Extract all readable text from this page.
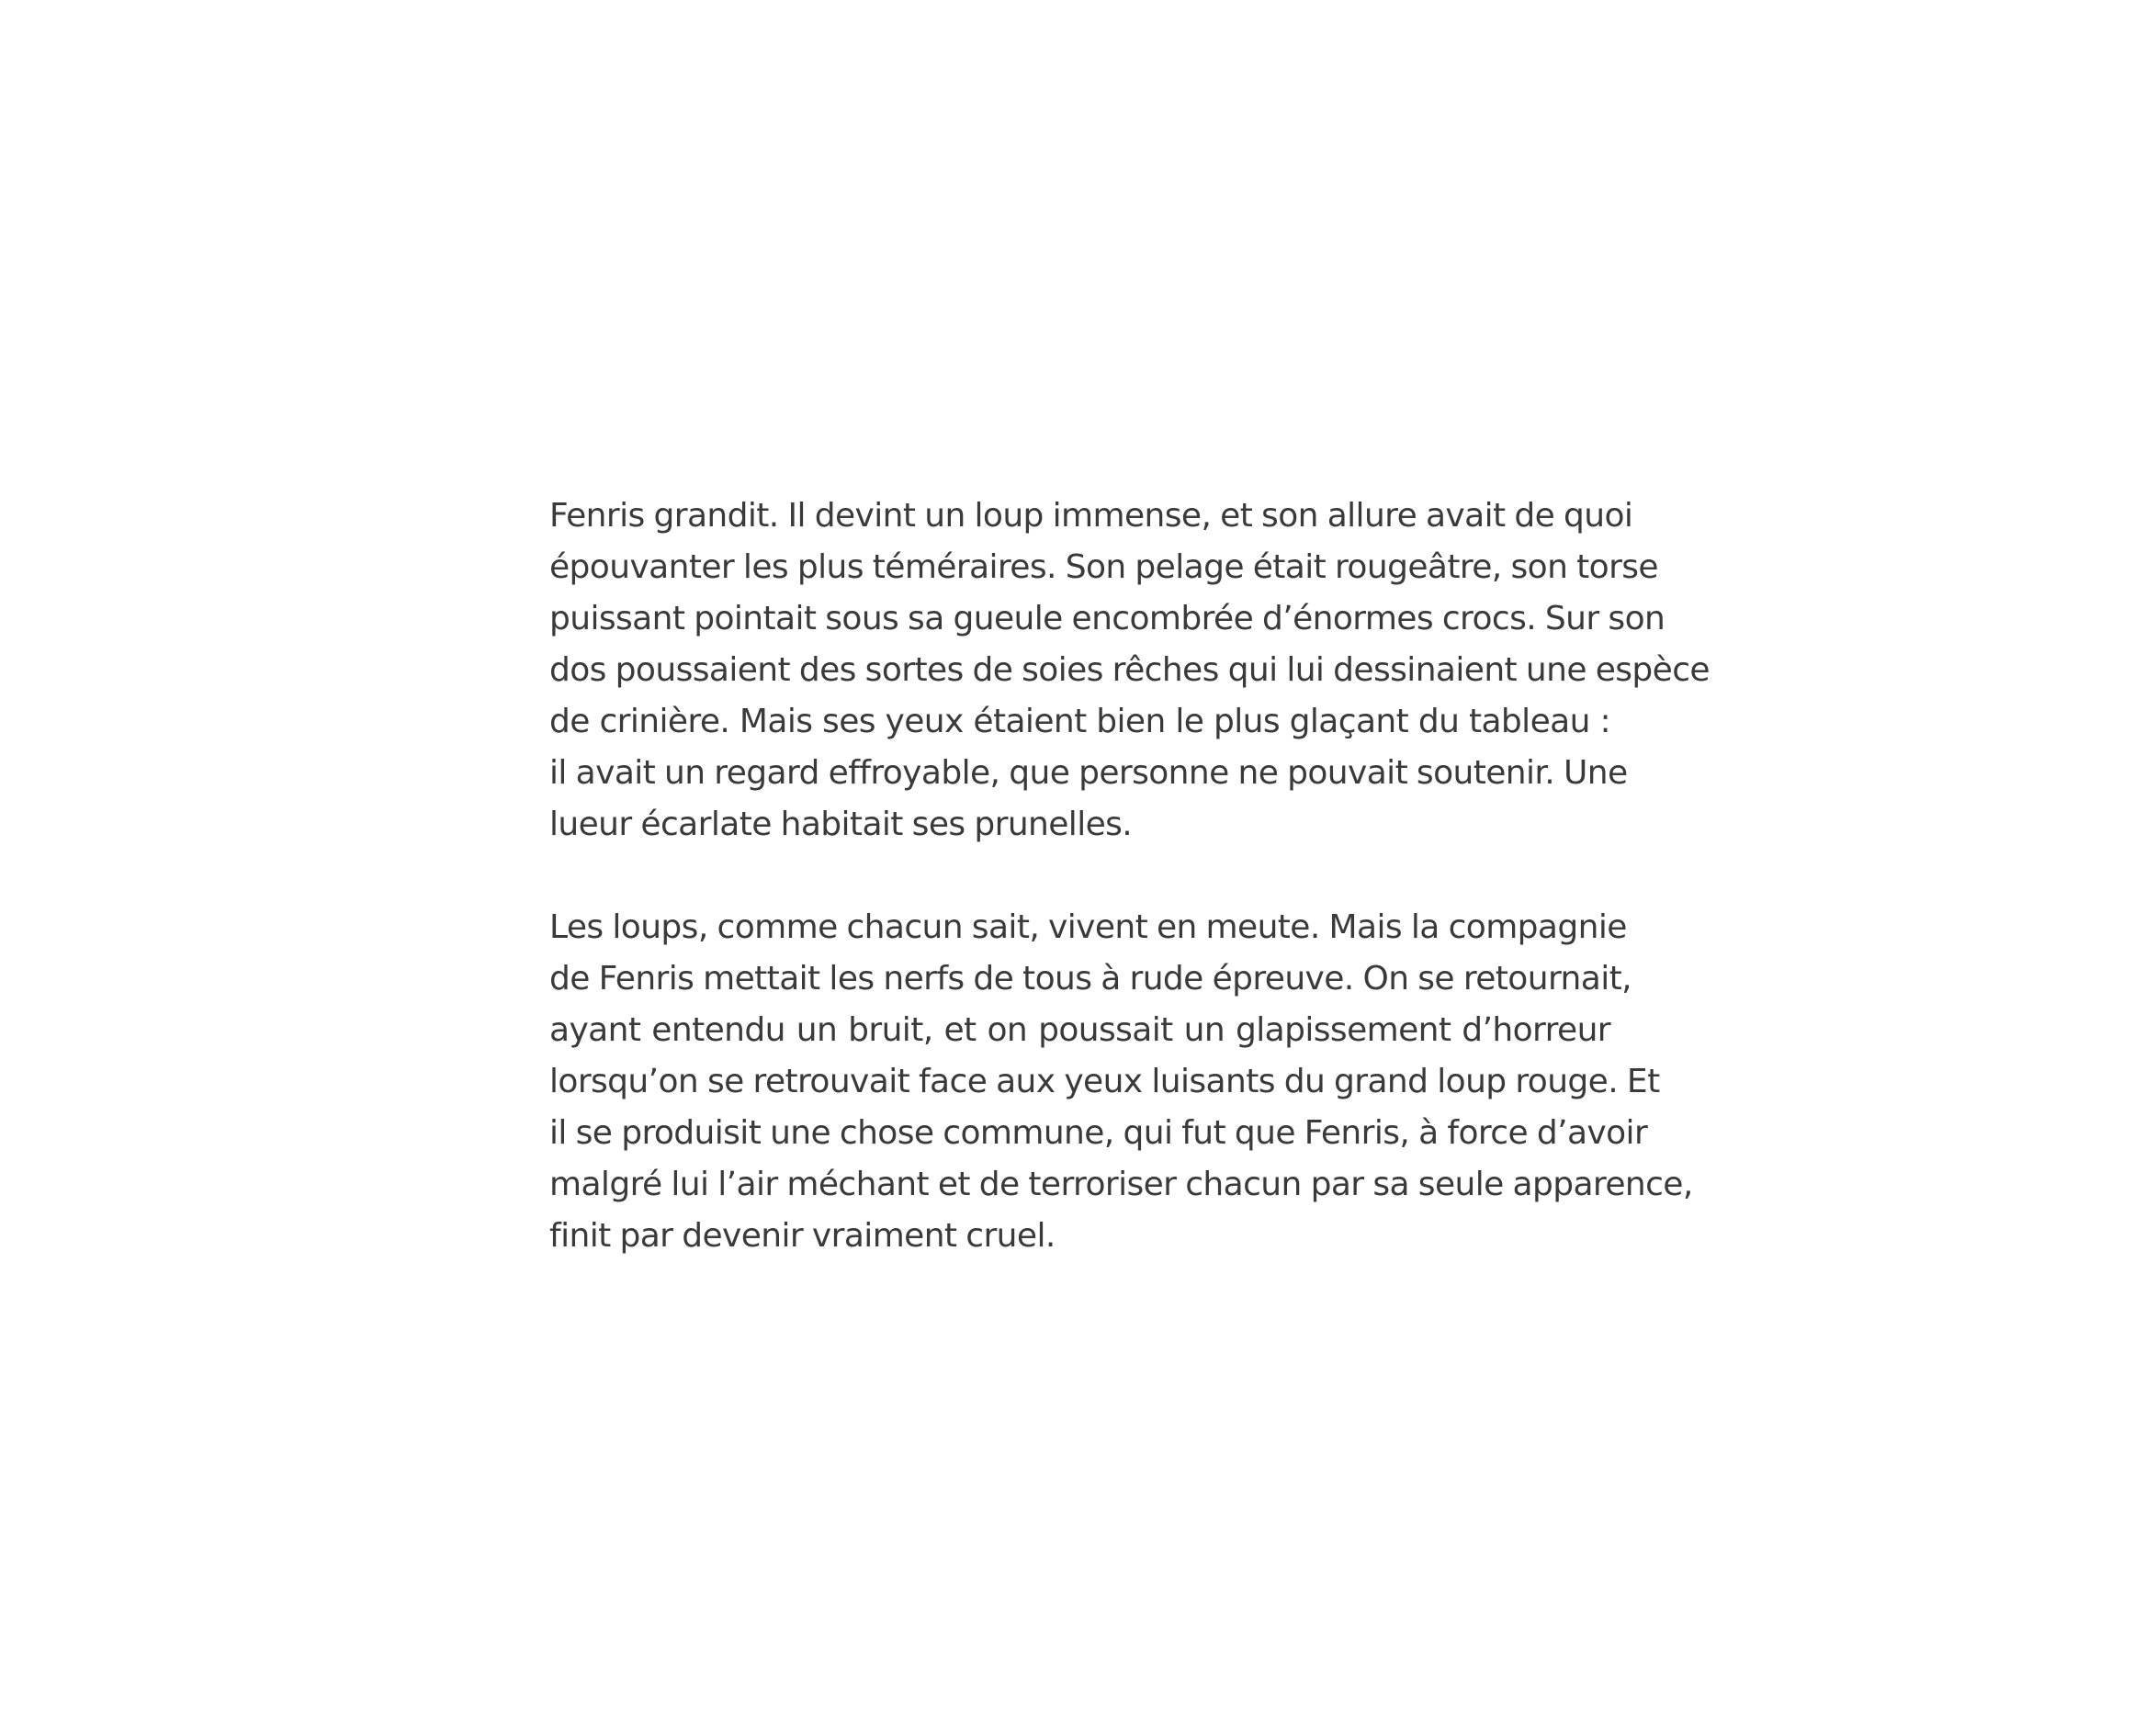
Fenris grandit. Il devint un loup immense, et son allure avait de quoi
épouvanter les plus téméraires. Son pelage était rougeâtre, son torse
puissant pointait sous sa gueule encombrée d’énormes crocs. Sur son
dos poussaient des sortes de soies rêches qui lui dessinaient une espèce
de crinière. Mais ses yeux étaient bien le plus glaçant du tableau :
il avait un regard effroyable, que personne ne pouvait soutenir. Une
lueur écarlate habitait ses prunelles.

Les loups, comme chacun sait, vivent en meute. Mais la compagnie
de Fenris mettait les nerfs de tous à rude épreuve. On se retournait,
ayant entendu un bruit, et on poussait un glapissement d’horreur
lorsqu’on se retrouvait face aux yeux luisants du grand loup rouge. Et
il se produisit une chose commune, qui fut que Fenris, à force d’avoir
malgré lui l’air méchant et de terroriser chacun par sa seule apparence,
finit par devenir vraiment cruel.
